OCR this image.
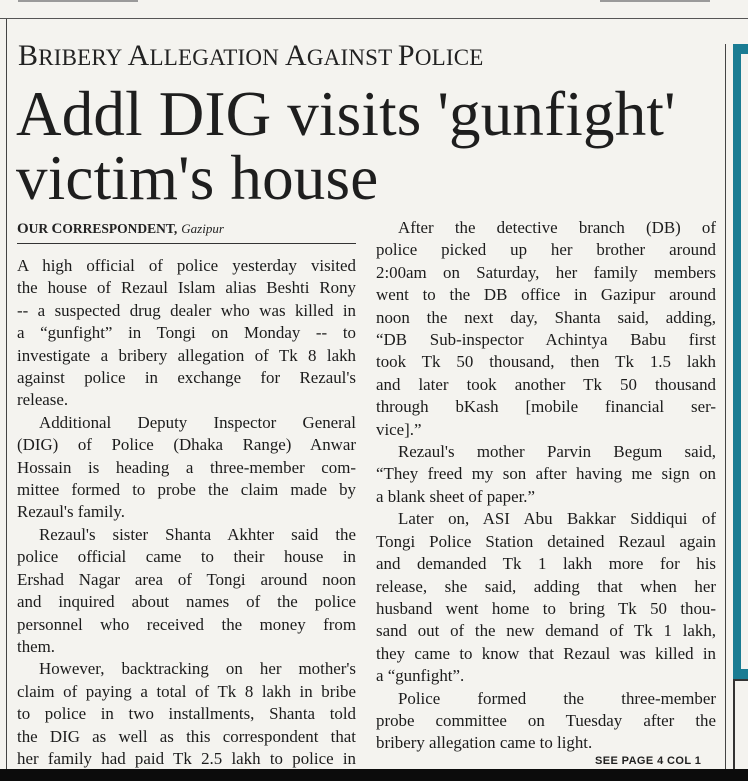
BRIBERY ALLEGATION AGAINST POLICE
Addl DIG visits 'gunfight'
victim's house
OUR CORRESPONDENT, Gazipur

A high official of police yesterday visited

the house of Rezaul Islam alias Beshti Rony

-- a suspected drug dealer who was killed in

a “gunfight” in Tongi on Monday -- to

investigate a bribery allegation of Tk 8 lakh

against police in exchange for Rezaul's

release.

Additional Deputy Inspector General

(DIG) of Police (Dhaka Range) Anwar

Hossain is heading a three-member com-

mittee formed to probe the claim made by

Rezaul's family.

Rezaul's sister Shanta Akhter said the

police official came to their house in

Ershad Nagar area of Tongi around noon

and inquired about names of the police

personnel who received the money from

them.

However, backtracking on her mother's

claim of paying a total of Tk 8 lakh in bribe

to police in two installments, Shanta told

the DIG as well as this correspondent that

her family had paid Tk 2.5 lakh to police in

After the detective branch (DB) of

police picked up her brother around

2:00am on Saturday, her family members

went to the DB office in Gazipur around

noon the next day, Shanta said, adding,

“DB Sub-inspector Achintya Babu first

took Tk 50 thousand, then Tk 1.5 lakh

and later took another Tk 50 thousand

through bKash [mobile financial ser-

vice].”

Rezaul's mother Parvin Begum said,

“They freed my son after having me sign on

a blank sheet of paper.”

Later on, ASI Abu Bakkar Siddiqui of

Tongi Police Station detained Rezaul again

and demanded Tk 1 lakh more for his

release, she said, adding that when her

husband went home to bring Tk 50 thou-

sand out of the new demand of Tk 1 lakh,

they came to know that Rezaul was killed in

a “gunfight”.

Police formed the three-member

probe committee on Tuesday after the

bribery allegation came to light.

SEE PAGE 4 COL 1
